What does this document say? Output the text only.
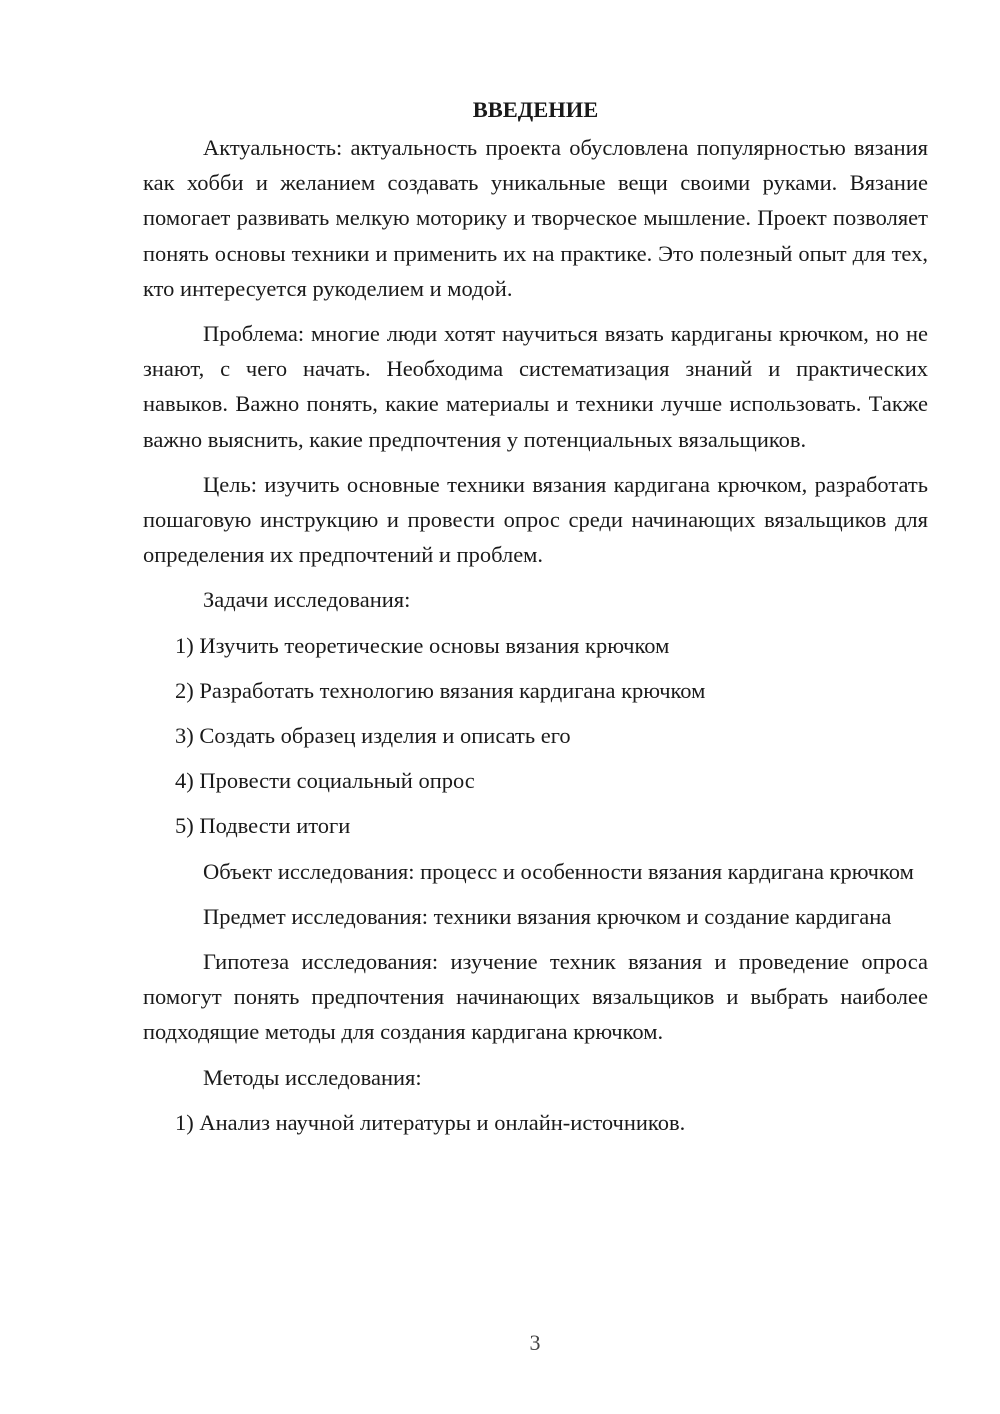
ВВЕДЕНИЕ

Актуальность: актуальность проекта обусловлена популярностью вязания как хобби и желанием создавать уникальные вещи своими руками. Вязание помогает развивать мелкую моторику и творческое мышление. Проект позволяет понять основы техники и применить их на практике. Это полезный опыт для тех, кто интересуется рукоделием и модой.

Проблема: многие люди хотят научиться вязать кардиганы крючком, но не знают, с чего начать. Необходима систематизация знаний и практических навыков. Важно понять, какие материалы и техники лучше использовать. Также важно выяснить, какие предпочтения у потенциальных вязальщиков.

Цель: изучить основные техники вязания кардигана крючком, разработать пошаговую инструкцию и провести опрос среди начинающих вязальщиков для определения их предпочтений и проблем.

Задачи исследования:

1) Изучить теоретические основы вязания крючком

2) Разработать технологию вязания кардигана крючком

3) Создать образец изделия и описать его

4) Провести социальный опрос

5) Подвести итоги

Объект исследования: процесс и особенности вязания кардигана крючком

Предмет исследования: техники вязания крючком и создание кардигана

Гипотеза исследования: изучение техник вязания и проведение опроса помогут понять предпочтения начинающих вязальщиков и выбрать наиболее подходящие методы для создания кардигана крючком.

Методы исследования:

1) Анализ научной литературы и онлайн-источников.

3
